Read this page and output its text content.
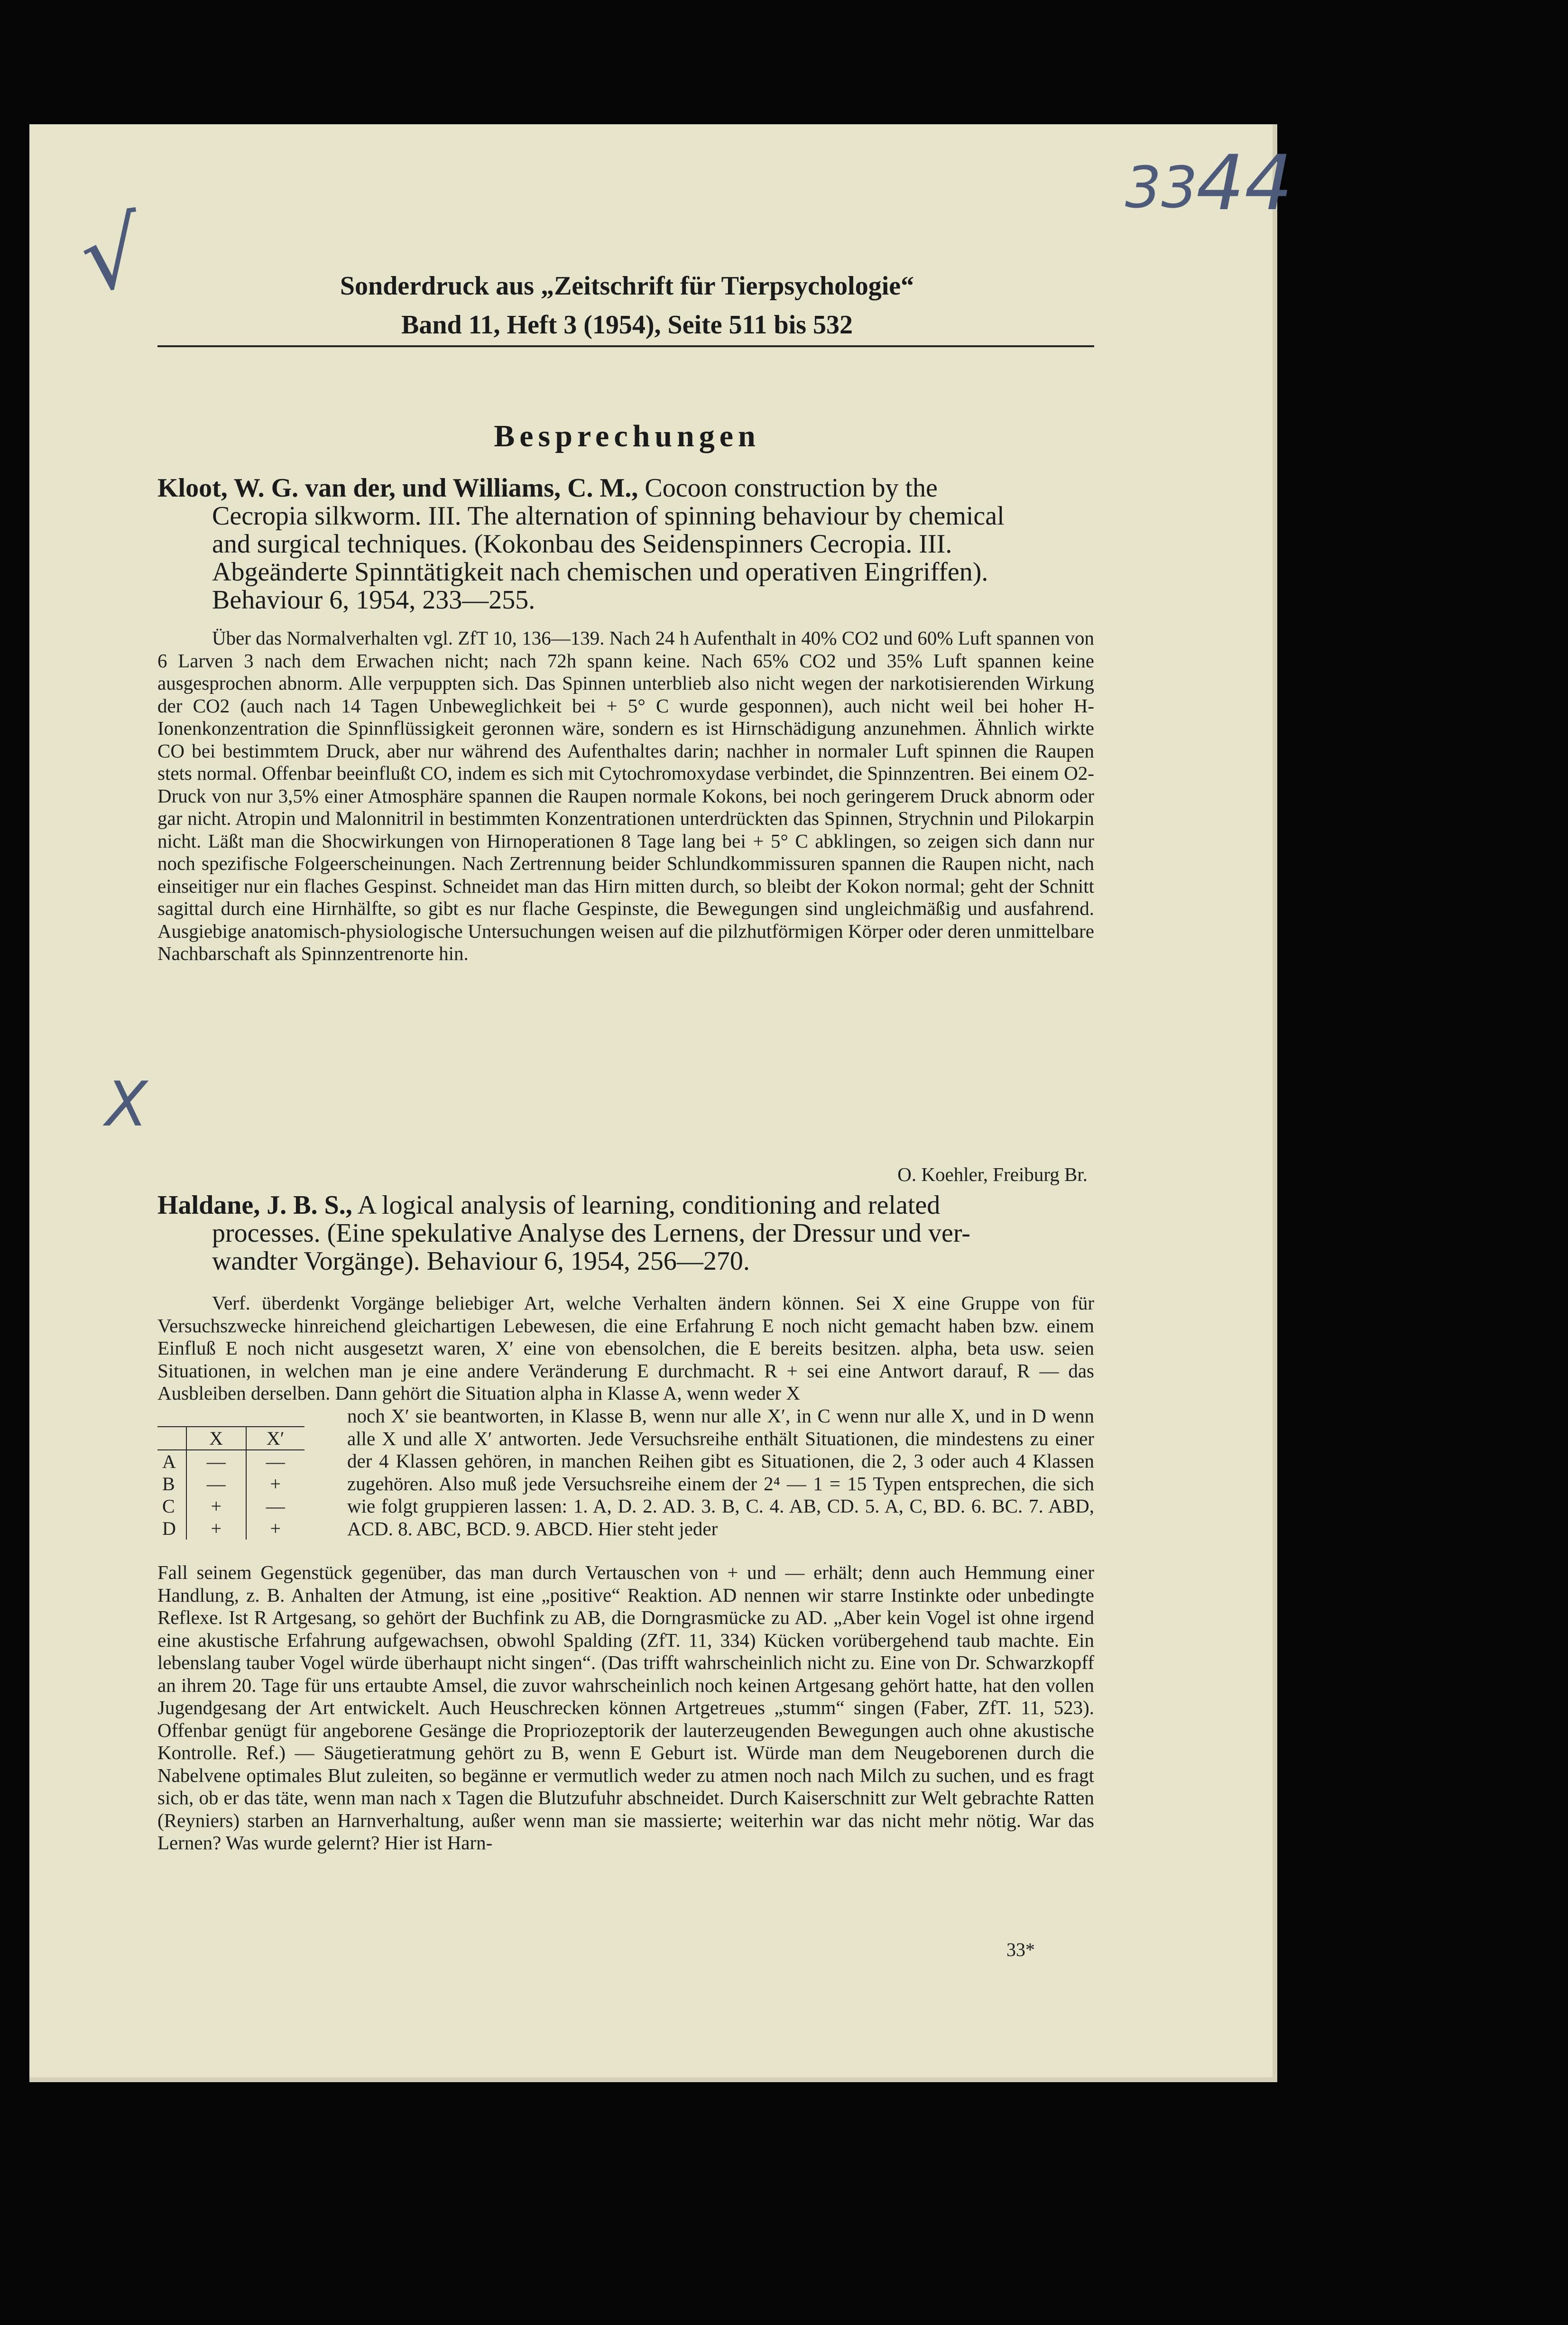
√
33
44
X
Sonderdruck aus „Zeitschrift für Tierpsychologie“
Band 11, Heft 3 (1954), Seite 511 bis 532
Besprechungen
Kloot, W. G. van der, und Williams, C. M., Cocoon construction by the
Cecropia silkworm. III. The alternation of spinning behaviour by chemical
and surgical techniques. (Kokonbau des Seidenspinners Cecropia. III.
Abgeänderte Spinntätigkeit nach chemischen und operativen Eingriffen).
Behaviour 6, 1954, 233—255.

Über das Normalverhalten vgl. ZfT 10, 136—139. Nach 24 h Aufenthalt in 40% CO2 und 60% Luft spannen von 6 Larven 3 nach dem Erwachen nicht; nach 72h spann keine. Nach 65% CO2 und 35% Luft spannen keine ausgesprochen abnorm. Alle verpuppten sich. Das Spinnen unterblieb also nicht wegen der narkotisierenden Wirkung der CO2 (auch nach 14 Tagen Unbeweglichkeit bei + 5° C wurde gesponnen), auch nicht weil bei hoher H-Ionenkonzentration die Spinnflüssigkeit geronnen wäre, sondern es ist Hirnschädigung anzunehmen. Ähnlich wirkte CO bei bestimmtem Druck, aber nur während des Aufenthaltes darin; nachher in normaler Luft spinnen die Raupen stets normal. Offenbar beeinflußt CO, indem es sich mit Cytochromoxydase verbindet, die Spinnzentren. Bei einem O2-Druck von nur 3,5% einer Atmosphäre spannen die Raupen normale Kokons, bei noch geringerem Druck abnorm oder gar nicht. Atropin und Malonnitril in bestimmten Konzentrationen unterdrückten das Spinnen, Strychnin und Pilokarpin nicht. Läßt man die Shocwirkungen von Hirnoperationen 8 Tage lang bei + 5° C abklingen, so zeigen sich dann nur noch spezifische Folgeerscheinungen. Nach Zertrennung beider Schlundkommissuren spannen die Raupen nicht, nach einseitiger nur ein flaches Gespinst. Schneidet man das Hirn mitten durch, so bleibt der Kokon normal; geht der Schnitt sagittal durch eine Hirnhälfte, so gibt es nur flache Gespinste, die Bewegungen sind ungleichmäßig und ausfahrend. Ausgiebige anatomisch-physiologische Untersuchungen weisen auf die pilzhutförmigen Körper oder deren unmittelbare Nachbarschaft als Spinnzentrenorte hin.

O. Koehler, Freiburg Br.
Haldane, J. B. S., A logical analysis of learning, conditioning and related
processes. (Eine spekulative Analyse des Lernens, der Dressur und ver-
wandter Vorgänge). Behaviour 6, 1954, 256—270.

Verf. überdenkt Vorgänge beliebiger Art, welche Verhalten ändern können. Sei X eine Gruppe von für Versuchszwecke hinreichend gleichartigen Lebewesen, die eine Erfahrung E noch nicht gemacht haben bzw. einem Einfluß E noch nicht ausgesetzt waren, X′ eine von ebensolchen, die E bereits besitzen. alpha, beta usw. seien Situationen, in welchen man je eine andere Veränderung E durchmacht. R + sei eine Antwort darauf, R — das Ausbleiben derselben. Dann gehört die Situation alpha in Klasse A, wenn weder X

	X	X′
A	—	—
B	—	+
C	+	—
D	+	+

noch X′ sie beantworten, in Klasse B, wenn nur alle X′, in C wenn nur alle X, und in D wenn alle X und alle X′ antworten. Jede Versuchsreihe enthält Situationen, die mindestens zu einer der 4 Klassen gehören, in manchen Reihen gibt es Situationen, die 2, 3 oder auch 4 Klassen zugehören. Also muß jede Versuchsreihe einem der 2⁴ — 1 = 15 Typen entsprechen, die sich wie folgt gruppieren lassen: 1. A, D. 2. AD. 3. B, C. 4. AB, CD. 5. A, C, BD. 6. BC. 7. ABD, ACD. 8. ABC, BCD. 9. ABCD. Hier steht jeder

Fall seinem Gegenstück gegenüber, das man durch Vertauschen von + und — erhält; denn auch Hemmung einer Handlung, z. B. Anhalten der Atmung, ist eine „positive“ Reaktion. AD nennen wir starre Instinkte oder unbedingte Reflexe. Ist R Artgesang, so gehört der Buchfink zu AB, die Dorngrasmücke zu AD. „Aber kein Vogel ist ohne irgend eine akustische Erfahrung aufgewachsen, obwohl Spalding (ZfT. 11, 334) Kücken vorübergehend taub machte. Ein lebenslang tauber Vogel würde überhaupt nicht singen“. (Das trifft wahrscheinlich nicht zu. Eine von Dr. Schwarzkopff an ihrem 20. Tage für uns ertaubte Amsel, die zuvor wahrscheinlich noch keinen Artgesang gehört hatte, hat den vollen Jugendgesang der Art entwickelt. Auch Heuschrecken können Artgetreues „stumm“ singen (Faber, ZfT. 11, 523). Offenbar genügt für angeborene Gesänge die Propriozeptorik der lauterzeugenden Bewegungen auch ohne akustische Kontrolle. Ref.) — Säugetieratmung gehört zu B, wenn E Geburt ist. Würde man dem Neugeborenen durch die Nabelvene optimales Blut zuleiten, so begänne er vermutlich weder zu atmen noch nach Milch zu suchen, und es fragt sich, ob er das täte, wenn man nach x Tagen die Blutzufuhr abschneidet. Durch Kaiserschnitt zur Welt gebrachte Ratten (Reyniers) starben an Harnverhaltung, außer wenn man sie massierte; weiterhin war das nicht mehr nötig. War das Lernen? Was wurde gelernt? Hier ist Harn-

33*
